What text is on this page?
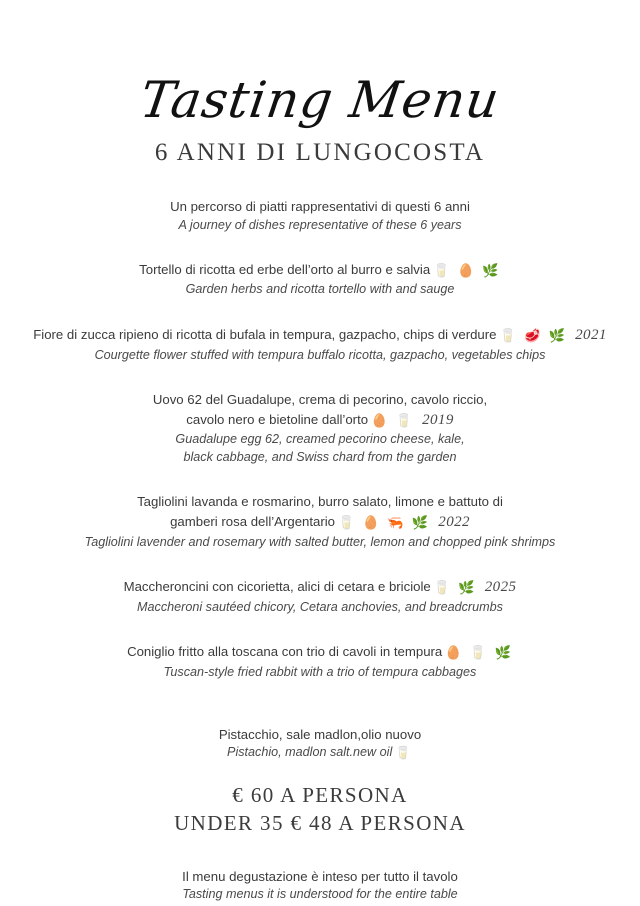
Tasting Menu
6 ANNI DI LUNGOCOSTA
Un percorso di piatti rappresentativi di questi 6 anni
A journey of dishes representative of these 6 years
Tortello di ricotta ed erbe dell’orto al burro e salvia 🥛 🥚 🌿
Garden herbs and ricotta tortello with and sauge
Fiore di zucca ripieno di ricotta di bufala in tempura, gazpacho, chips di verdure 🥛 🥩 🌿 2021
Courgette flower stuffed with tempura buffalo ricotta, gazpacho, vegetables chips
Uovo 62 del Guadalupe, crema di pecorino, cavolo riccio,
cavolo nero e bietoline dall’orto 🥚 🥛 2019
Guadalupe egg 62, creamed pecorino cheese, kale,
black cabbage, and Swiss chard from the garden
Tagliolini lavanda e rosmarino, burro salato, limone e battuto di
gamberi rosa dell’Argentario 🥛 🥚 🦐 🌿 2022
Tagliolini lavender and rosemary with salted butter, lemon and chopped pink shrimps
Maccheroncini con cicorietta, alici di cetara e briciole 🥛 🌿 2025
Maccheroni sautéed chicory, Cetara anchovies, and breadcrumbs
Coniglio fritto alla toscana con trio di cavoli in tempura 🥚 🥛 🌿
Tuscan-style fried rabbit with a trio of tempura cabbages
Pistacchio, sale madlon,olio nuovo
Pistachio, madlon salt.new oil 🥛
€ 60 A PERSONA
UNDER 35 € 48 A PERSONA
Il menu degustazione è inteso per tutto il tavolo
Tasting menus it is understood for the entire table
